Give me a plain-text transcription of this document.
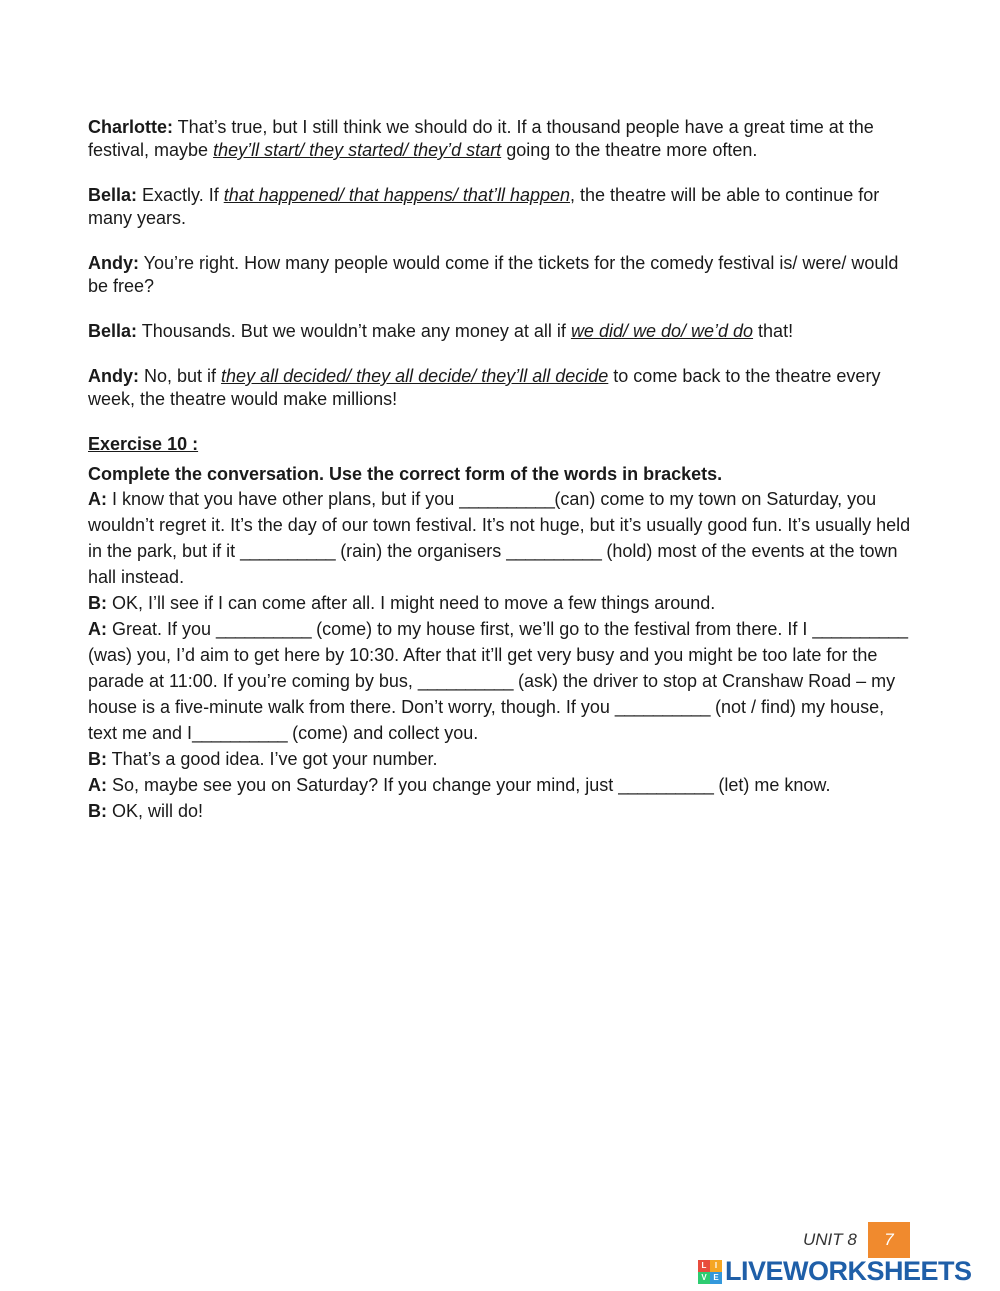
Charlotte: That’s true, but I still think we should do it. If a thousand people have a great time at the festival, maybe they’ll start/ they started/ they’d start going to the theatre more often.

Bella: Exactly. If that happened/ that happens/ that’ll happen, the theatre will be able to continue for many years.

Andy: You’re right. How many people would come if the tickets for the comedy festival is/ were/ would be free?

Bella: Thousands. But we wouldn’t make any money at all if we did/ we do/ we’d do that!

Andy: No, but if they all decided/ they all decide/ they’ll all decide to come back to the theatre every week, the theatre would make millions!

Exercise 10 :
Complete the conversation. Use the correct form of the words in brackets.

A: I know that you have other plans, but if you __________(can) come to my town on Saturday, you wouldn’t regret it. It’s the day of our town festival. It’s not huge, but it’s usually good fun. It’s usually held in the park, but if it __________ (rain) the organisers __________ (hold) most of the events at the town hall instead.

B: OK, I’ll see if I can come after all. I might need to move a few things around.

A: Great. If you __________ (come) to my house first, we’ll go to the festival from there. If I __________ (was) you, I’d aim to get here by 10:30. After that it’ll get very busy and you might be too late for the parade at 11:00. If you’re coming by bus, __________ (ask) the driver to stop at Cranshaw Road – my house is a five-minute walk from there. Don’t worry, though. If you __________ (not / find) my house, text me and I__________ (come) and collect you.

B: That’s a good idea. I’ve got your number.

A: So, maybe see you on Saturday? If you change your mind, just __________ (let) me know.

B: OK, will do!

UNIT 8	7
L	I
V E LIVEWORKSHEETS
